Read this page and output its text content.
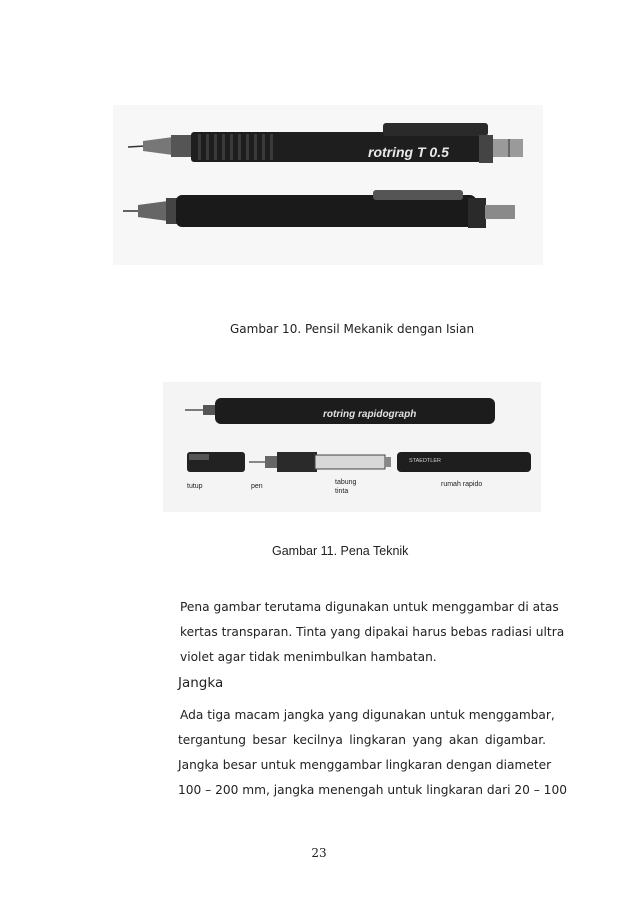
rotring T 0.5
Gambar 10. Pensil Mekanik dengan Isian
rotring rapidograph
STAEDTLER
tutup	pen
tabung
tinta
rumah rapido
Gambar 11. Pena Teknik
Pena gambar terutama digunakan untuk menggambar di atas
kertas transparan. Tinta yang dipakai harus bebas radiasi ultra
violet agar tidak menimbulkan hambatan.
Jangka
Ada tiga macam jangka yang digunakan untuk menggambar,
tergantung besar kecilnya lingkaran yang akan digambar.
Jangka besar untuk menggambar lingkaran dengan diameter
100 – 200 mm, jangka menengah untuk lingkaran dari 20 – 100
23
